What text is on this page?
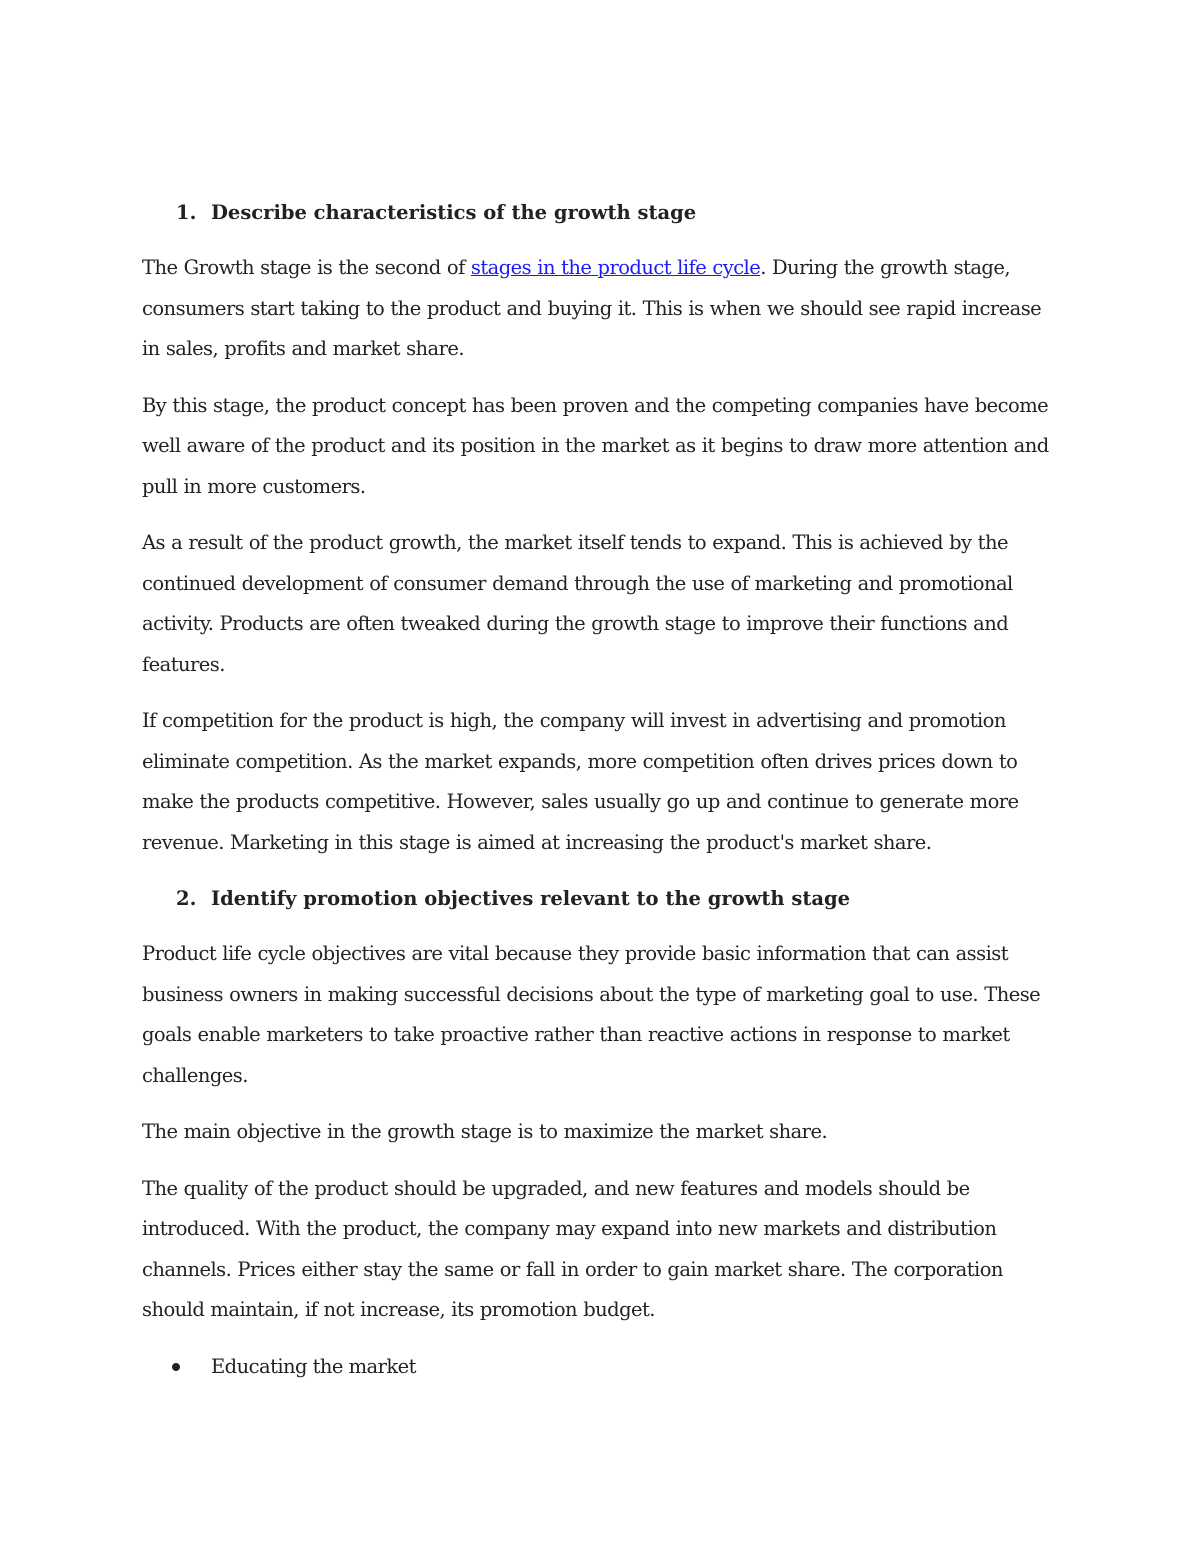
1. Describe characteristics of the growth stage

The Growth stage is the second of stages in the product life cycle. During the growth stage, consumers start taking to the product and buying it. This is when we should see rapid increase in sales, profits and market share.

By this stage, the product concept has been proven and the competing companies have become well aware of the product and its position in the market as it begins to draw more attention and pull in more customers.

As a result of the product growth, the market itself tends to expand. This is achieved by the continued development of consumer demand through the use of marketing and promotional activity. Products are often tweaked during the growth stage to improve their functions and features.

If competition for the product is high, the company will invest in advertising and promotion eliminate competition. As the market expands, more competition often drives prices down to make the products competitive. However, sales usually go up and continue to generate more revenue. Marketing in this stage is aimed at increasing the product's market share.

2. Identify promotion objectives relevant to the growth stage

Product life cycle objectives are vital because they provide basic information that can assist business owners in making successful decisions about the type of marketing goal to use. These goals enable marketers to take proactive rather than reactive actions in response to market challenges.

The main objective in the growth stage is to maximize the market share.

The quality of the product should be upgraded, and new features and models should be introduced. With the product, the company may expand into new markets and distribution channels. Prices either stay the same or fall in order to gain market share. The corporation should maintain, if not increase, its promotion budget.

Educating the market
